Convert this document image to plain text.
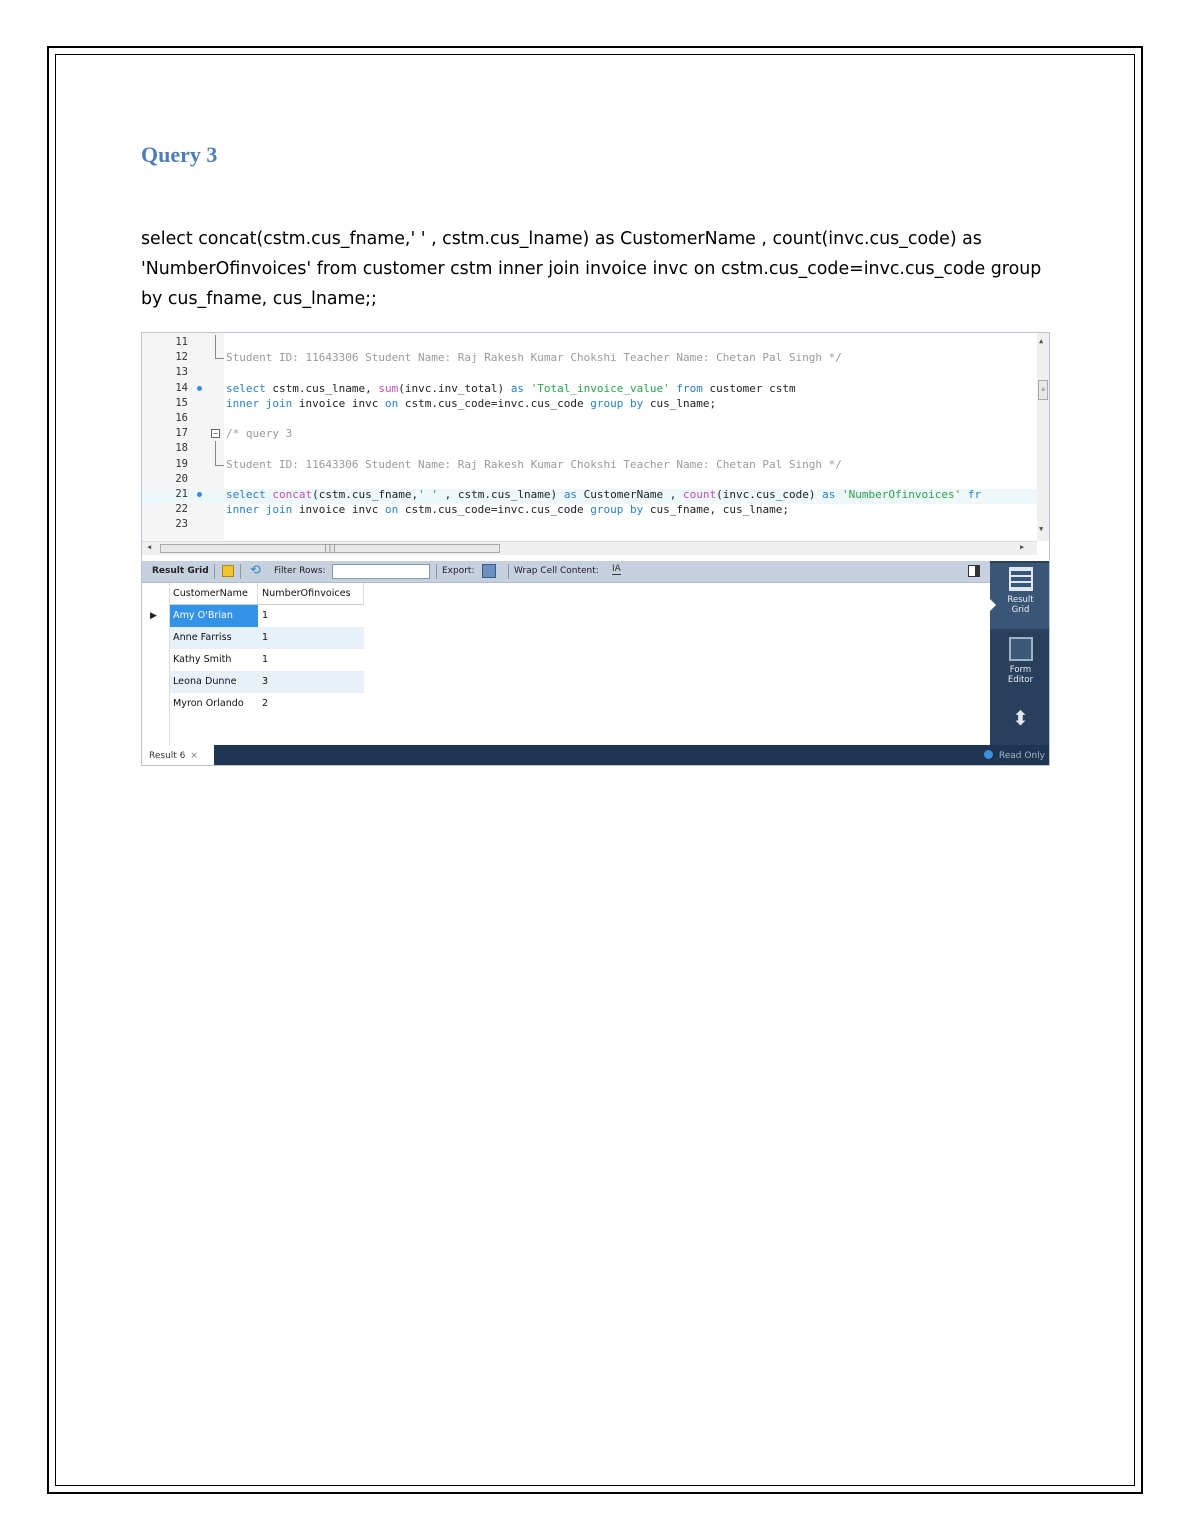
Query 3
select concat(cstm.cus_fname,' ' , cstm.cus_lname) as CustomerName , count(invc.cus_code) as 'NumberOfinvoices' from customer cstm inner join invoice invc on cstm.cus_code=invc.cus_code group by cus_fname, cus_lname;;
11
12	Student ID: 11643306 Student Name: Raj Rakesh Kumar Chokshi Teacher Name: Chetan Pal Singh */
13
14	select cstm.cus_lname, sum(invc.inv_total) as 'Total_invoice_value' from customer cstm
15	inner join invoice invc on cstm.cus_code=invc.cus_code group by cus_lname;
16
17	− /* query 3
18
19	Student ID: 11643306 Student Name: Raj Rakesh Kumar Chokshi Teacher Name: Chetan Pal Singh */
20
21	select concat(cstm.cus_fname,' ' , cstm.cus_lname) as CustomerName , count(invc.cus_code) as 'NumberOfinvoices' fr
22	inner join invoice invc on cstm.cus_code=invc.cus_code group by cus_fname, cus_lname;
23
▲
≡
▼
◀	|||	▶
Result Grid	⟲ Filter Rows:	Export:	Wrap Cell Content: IA
CustomerName	NumberOfinvoices
▶	Amy O'Brian	1
Anne Farriss	1
Kathy Smith	1
Leona Dunne	3
Myron Orlando	2
Result
Grid
Form
Editor
⬍
Result 6 ×	Read Only
